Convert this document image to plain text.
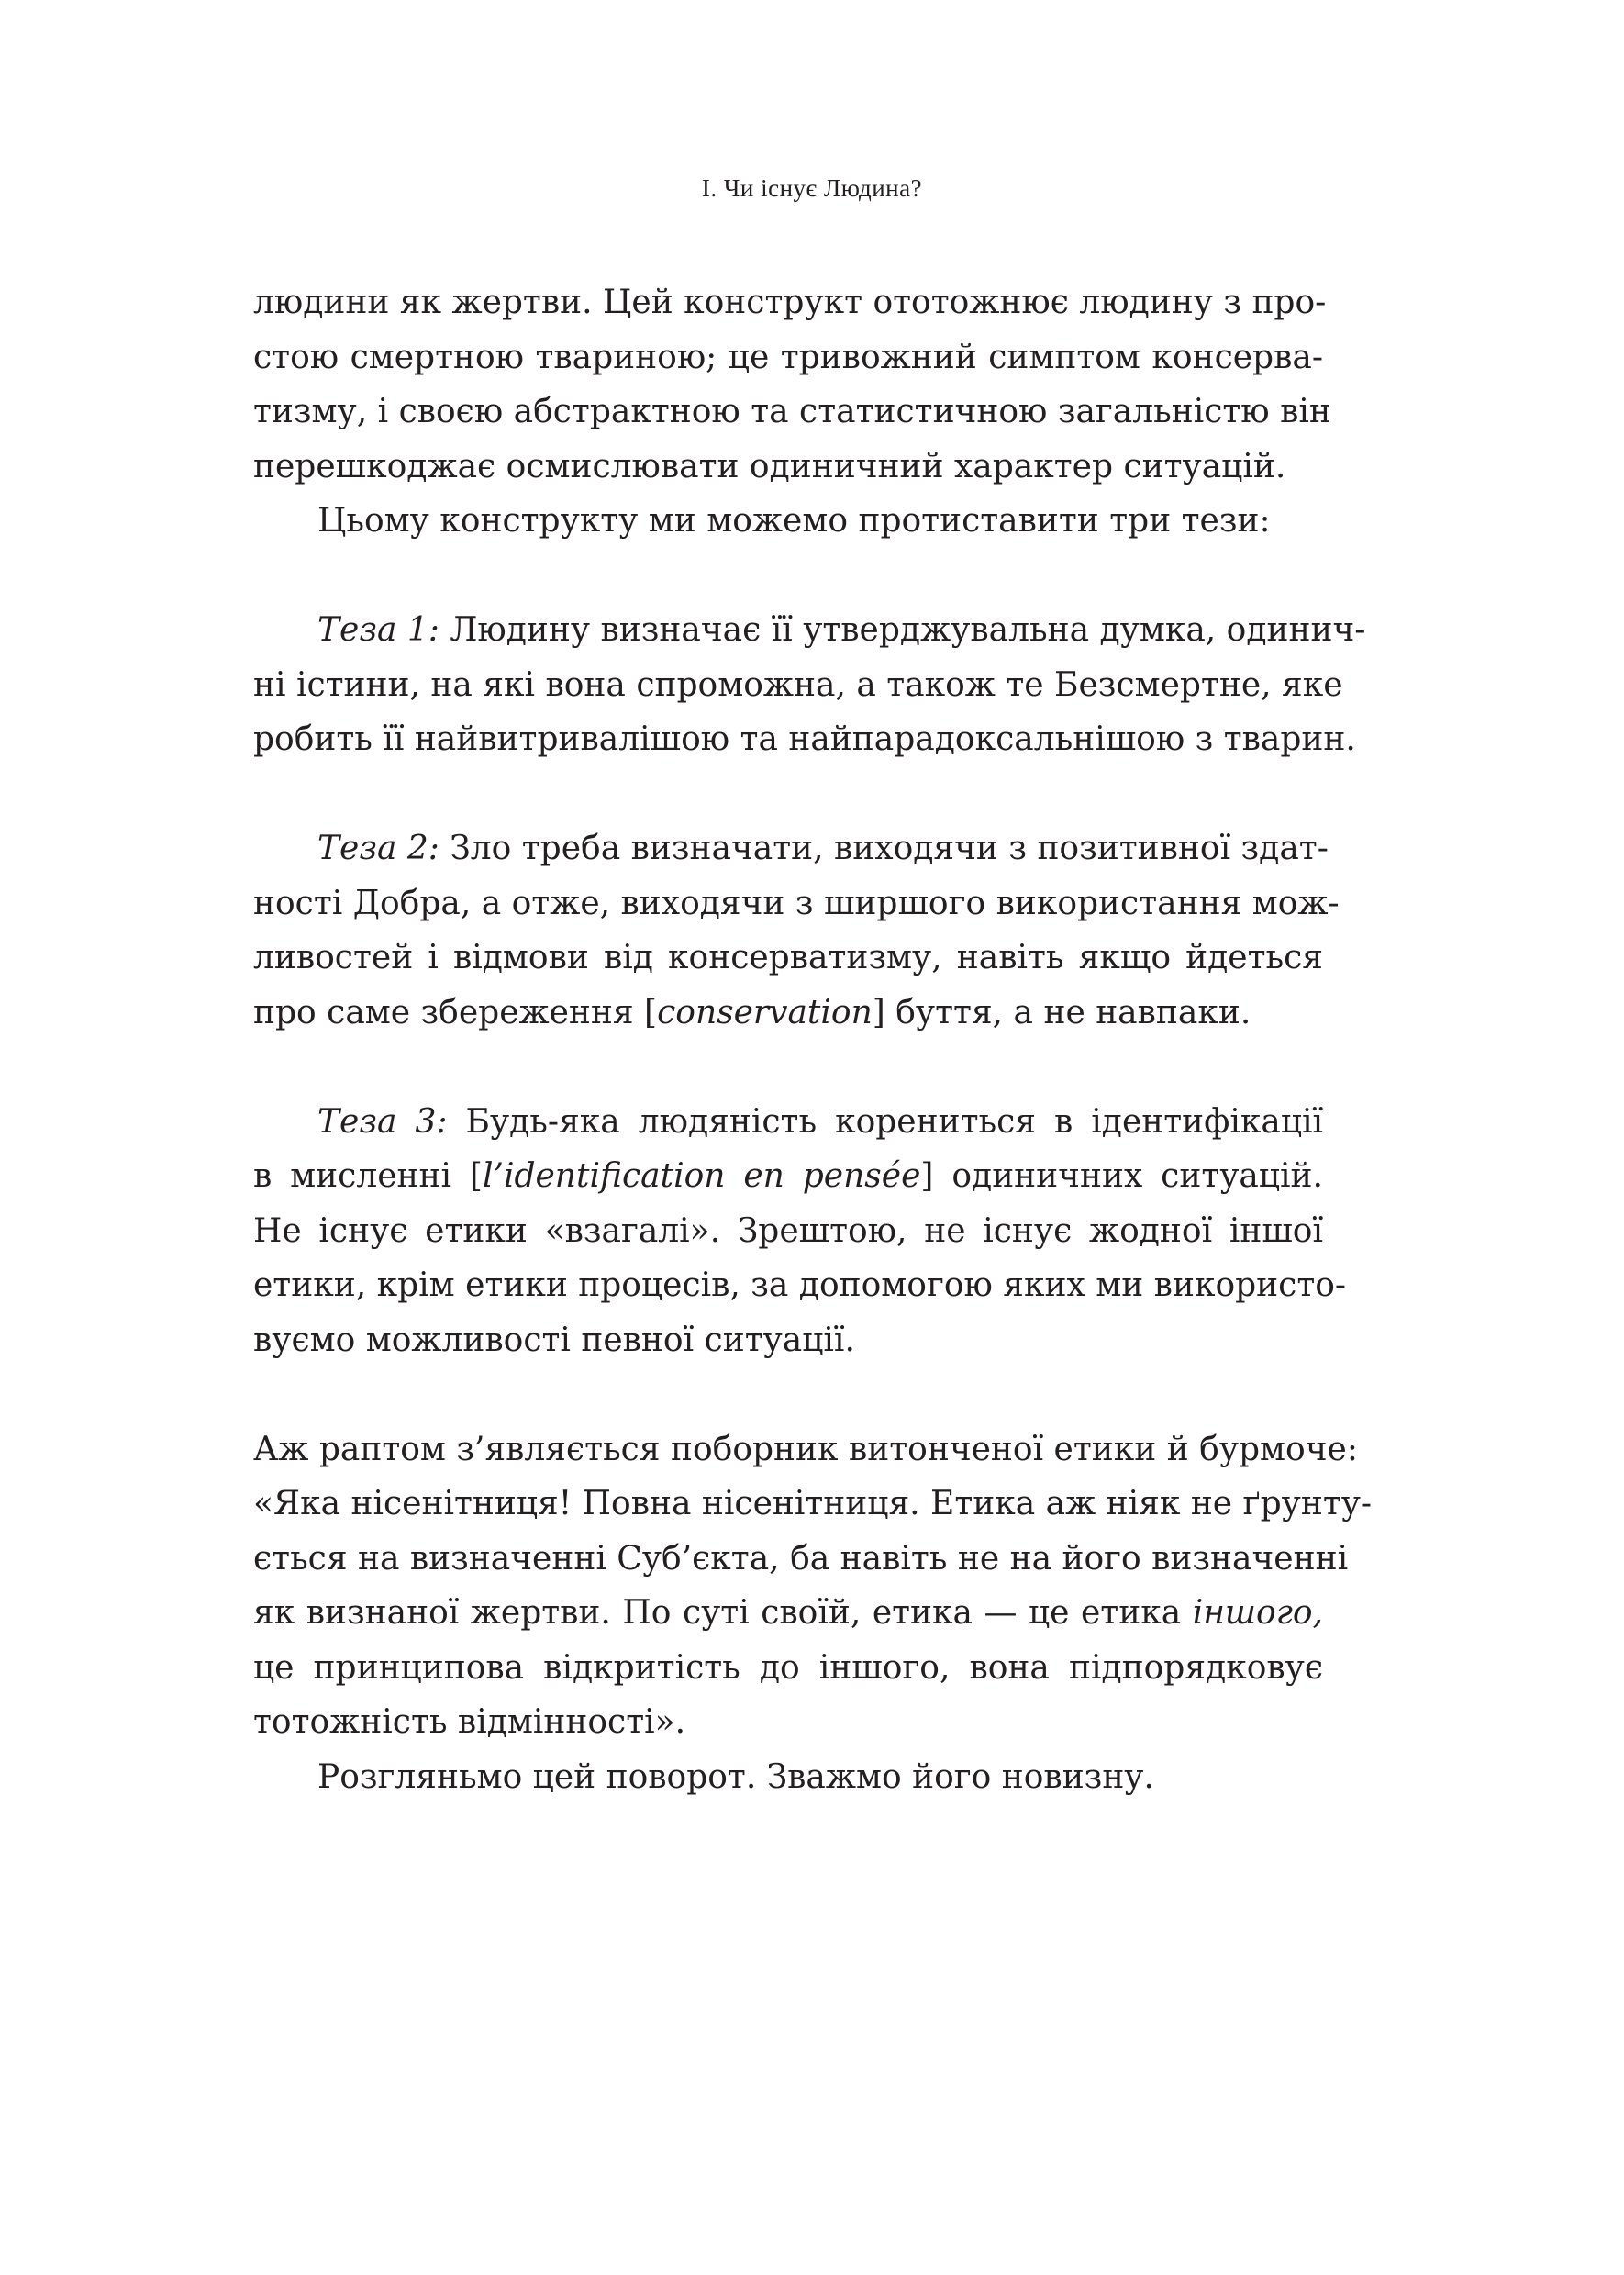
I. Чи існує Людина?
людини як жертви. Цей конструкт ототожнює людину з про-
стою смертною твариною; це тривожний симптом консерва-
тизму, і своєю абстрактною та статистичною загальністю він
перешкоджає осмислювати одиничний характер ситуацій.
Цьому конструкту ми можемо протиставити три тези:
Теза 1: Людину визначає її утверджувальна думка, одинич-
ні істини, на які вона спроможна, а також те Безсмертне, яке
робить її найвитривалішою та найпарадоксальнішою з тварин.
Теза 2: Зло треба визначати, виходячи з позитивної здат-
ності Добра, а отже, виходячи з ширшого використання мож-
ливостей і відмови від консерватизму, навіть якщо йдеться
про саме збереження [conservation] буття, а не навпаки.
Теза 3: Будь-яка людяність корениться в ідентифікації
в мисленні [l’identification en pensée] одиничних ситуацій.
Не існує етики «взагалі». Зрештою, не існує жодної іншої
етики, крім етики процесів, за допомогою яких ми використо-
вуємо можливості певної ситуації.
Аж раптом з’являється поборник витонченої етики й бурмоче:
«Яка нісенітниця! Повна нісенітниця. Етика аж ніяк не ґрунту-
ється на визначенні Суб’єкта, ба навіть не на його визначенні
як визнаної жертви. По суті своїй, етика — це етика іншого,
це принципова відкритість до іншого, вона підпорядковує
тотожність відмінності».
Розгляньмо цей поворот. Зважмо його новизну.
